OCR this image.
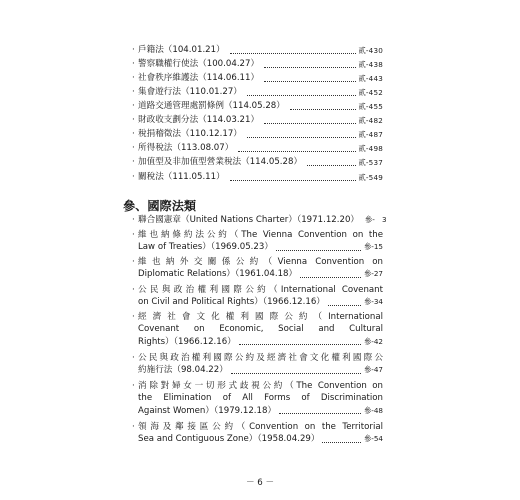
‧ 戶籍法（104.01.21）	貳-430
‧ 警察職權行使法（100.04.27）	貳-438
‧ 社會秩序維護法（114.06.11）	貳-443
‧ 集會遊行法（110.01.27）	貳-452
‧ 道路交通管理處罰條例（114.05.28）	貳-455
‧ 財政收支劃分法（114.03.21）	貳-482
‧ 稅捐稽徵法（110.12.17）	貳-487
‧ 所得稅法（113.08.07）	貳-498
‧ 加值型及非加值型營業稅法（114.05.28）	貳-537
‧ 關稅法（111.05.11）	貳-549
參、國際法類
‧ 聯合國憲章（United Nations Charter）（1971.12.20） 參-　3
‧ 維也納條約法公約（The Vienna Convention on the
Law of Treaties）（1969.05.23）	參-15
‧ 維也納外交關係公約（Vienna Convention on
Diplomatic Relations）（1961.04.18）	參-27
‧ 公民與政治權利國際公約（International Covenant
on Civil and Political Rights）（1966.12.16）	參-34
‧ 經濟社會文化權利國際公約（International
Covenant on Economic, Social and Cultural
Rights）（1966.12.16）	參-42
‧ 公民與政治權利國際公約及經濟社會文化權利國際公
約施行法（98.04.22）	參-47
‧ 消除對婦女一切形式歧視公約（The Convention on
the Elimination of All Forms of Discrimination
Against Women）（1979.12.18）	參-48
‧ 領海及鄰接區公約（Convention on the Territorial
Sea and Contiguous Zone）（1958.04.29）	參-54
－ 6 －
